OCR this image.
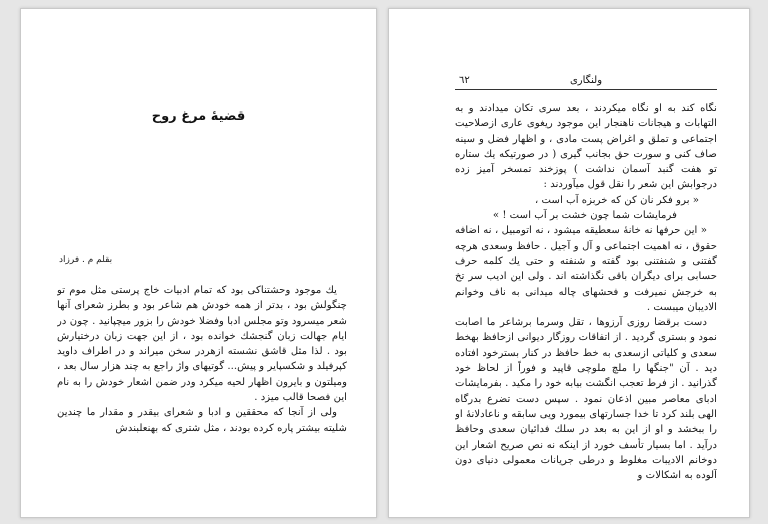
قضیهٔ مرغ روح
بقلم م . فرزاد

یك موجود وحشتناكی بود كه تمام ادبیات خاج پرستی مثل موم تو چنگولش بود ، بدتر از همه خودش هم شاعر بود و بطرز شعرای آنها شعر میسرود وتو مجلس ادبا وفضلا خودش را بزور میچپانید . چون در ایام جهالت زبان گنجشك خوانده بود ، از این جهت زبان درختیارش بود . لذا مثل قاشق نشسته ازهردر سخن میراند و در اطراف داوید كپرفیلد و شكسپایر و پیش... گوتیهای واژ راجع به چند هزار سال بعد ، ومیلتون و بایرون اظهار لحیه میكرد ودر ضمن اشعار خودش را به نام این فصحا قالب میزد .

ولی از آنجا كه محققین و ادبا و شعرای بیقدر و مقدار ما چندین شلیته بیشتر پاره كرده بودند ، مثل شتری كه بهنعلبندش

٦٢	ولنگاری

نگاه كند به او نگاه میكردند ، بعد سری تكان میدادند و به التهابات و هیجانات ناهنجار این موجود ریغوی عاری ازصلاحیت اجتماعی و تملق و اغراض پست مادی ، و اظهار فضل و سینه صاف كنی و سورت حق بجانب گیری ( در صورتیكه یك ستاره تو هفت گنبد آسمان نداشت ) پوزخند تمسخر آمیز زده درجوابش این شعر را نقل قول میآوردند :

« برو فكر نان كن كه خربزه آب است ،

فرمایشات شما چون خشت بر آب است ! »

« این حرفها نه خانهٔ سعطیقه میشود ، نه اتومبیل ، نه اضافه حقوق ، نه اهمیت اجتماعی و آل و آجیل . حافظ وسعدی هرچه گفتنی و شنفتنی بود گفته و شنفته و حتی یك كلمه حرف حسابی برای دیگران باقی نگذاشته اند . ولی این ادیب سر تخ به خرجش نمیرفت و فحشهای چاله میدانی به ناف وخوانم الادیبان میبست .

دست برقضا روزی آرزوها ، تقل وسرما برشاعر ما اصابت نمود و بستری گردید . از اتفاقات روزگار دیوانی ازحافظ بهخط سعدی و كلیاتی ازسعدی به خط حافظ در كنار بسترخود افتاده دید . آن "جنگها را ملچ ملوچی قاپید و فوراً از لحاظ خود گذرانید . از فرط تعجب انگشت بیابه خود را مكید . بفرمایشات ادبای معاصر مبین اذعان نمود . سپس دست تضرع بدرگاه الهی بلند كرد تا خدا جسارتهای بیمورد ویی سابقه و ناعادلانهٔ او را ببخشد و او از این به بعد در سلك فدائیان سعدی وحافظ درآید . اما بسیار تأسف خورد از اینكه نه نص صریح اشعار این دوخانم الادیبات مغلوط و درطی جریانات معمولی دنیای دون آلوده به اشكالات و
